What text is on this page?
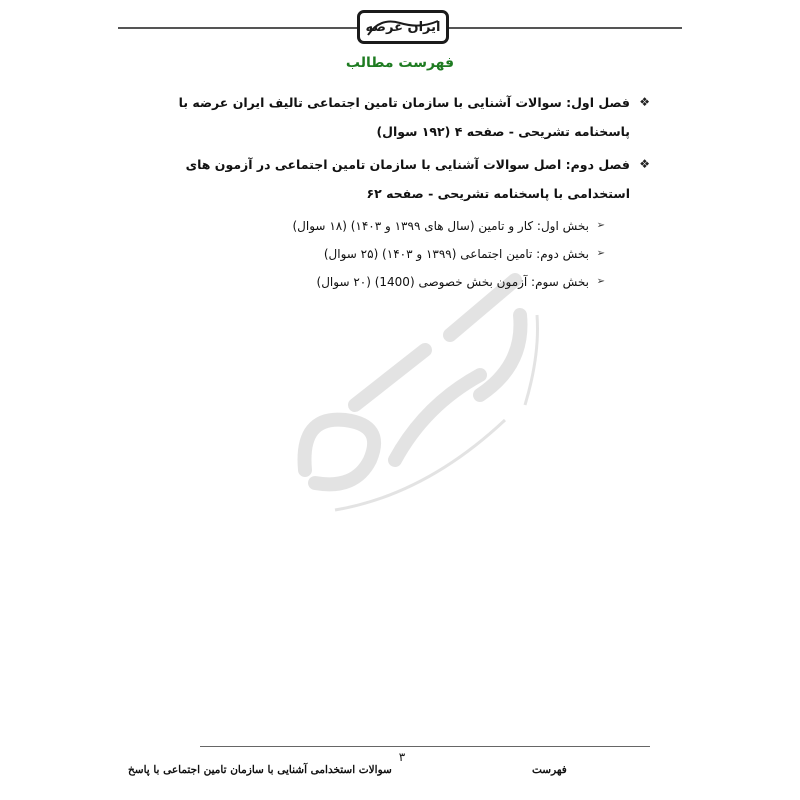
ایران عرضه
فهرست مطالب
❖
فصل اول: سوالات آشنایی با سازمان تامین اجتماعی تالیف ایران عرضه با پاسخنامه تشریحی - صفحه ۴ (۱۹۲ سوال)
❖
فصل دوم: اصل سوالات آشنایی با سازمان تامین اجتماعی در آزمون های استخدامی با پاسخنامه تشریحی - صفحه ۶۲
➢
بخش اول: کار و تامین (سال های ۱۳۹۹ و ۱۴۰۳) (۱۸ سوال)
➢
بخش دوم: تامین اجتماعی (۱۳۹۹ و ۱۴۰۳) (۲۵ سوال)
➢
بخش سوم: آزمون بخش خصوصی (1400) (۲۰ سوال)
۳
سوالات استخدامی آشنایی با سازمان تامین اجتماعی با پاسخ	فهرست
